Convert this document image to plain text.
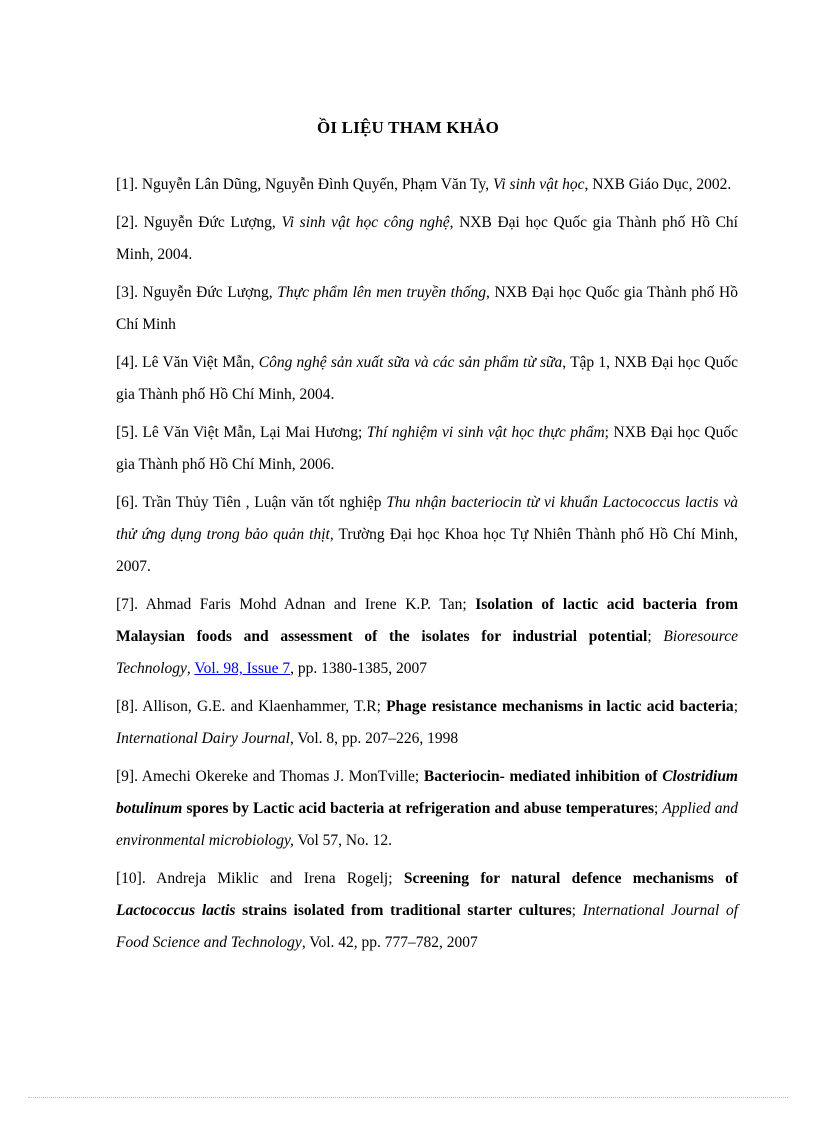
ỒI LIỆU THAM KHẢO

[1]. Nguyễn Lân Dũng, Nguyễn Đình Quyến, Phạm Văn Ty, Vi sinh vật học, NXB Giáo Dục, 2002.

[2]. Nguyễn Đức Lượng, Vi sinh vật học công nghệ, NXB Đại học Quốc gia Thành phố Hồ Chí Minh, 2004.

[3]. Nguyễn Đức Lượng, Thực phẩm lên men truyền thống, NXB Đại học Quốc gia Thành phố Hồ Chí Minh

[4]. Lê Văn Việt Mẫn, Công nghệ sản xuất sữa và các sản phẩm từ sữa, Tập 1, NXB Đại học Quốc gia Thành phố Hồ Chí Minh, 2004.

[5]. Lê Văn Việt Mẫn, Lại Mai Hương; Thí nghiệm vi sinh vật học thực phẩm; NXB Đại học Quốc gia Thành phố Hồ Chí Minh, 2006.

[6]. Trần Thủy Tiên , Luận văn tốt nghiệp Thu nhận bacteriocin từ vi khuẩn Lactococcus lactis và thử ứng dụng trong bảo quản thịt, Trường Đại học Khoa học Tự Nhiên Thành phố Hồ Chí Minh, 2007.

[7]. Ahmad Faris Mohd Adnan and Irene K.P. Tan; Isolation of lactic acid bacteria from Malaysian foods and assessment of the isolates for industrial potential; Bioresource Technology, Vol. 98, Issue 7, pp. 1380-1385, 2007

[8]. Allison, G.E. and Klaenhammer, T.R; Phage resistance mechanisms in lactic acid bacteria; International Dairy Journal, Vol. 8, pp. 207–226, 1998

[9]. Amechi Okereke and Thomas J. MonTville; Bacteriocin- mediated inhibition of Clostridium botulinum spores by Lactic acid bacteria at refrigeration and abuse temperatures; Applied and environmental microbiology, Vol 57, No. 12.

[10]. Andreja Miklic and Irena Rogelj; Screening for natural defence mechanisms of Lactococcus lactis strains isolated from traditional starter cultures; International Journal of Food Science and Technology, Vol. 42, pp. 777–782, 2007
